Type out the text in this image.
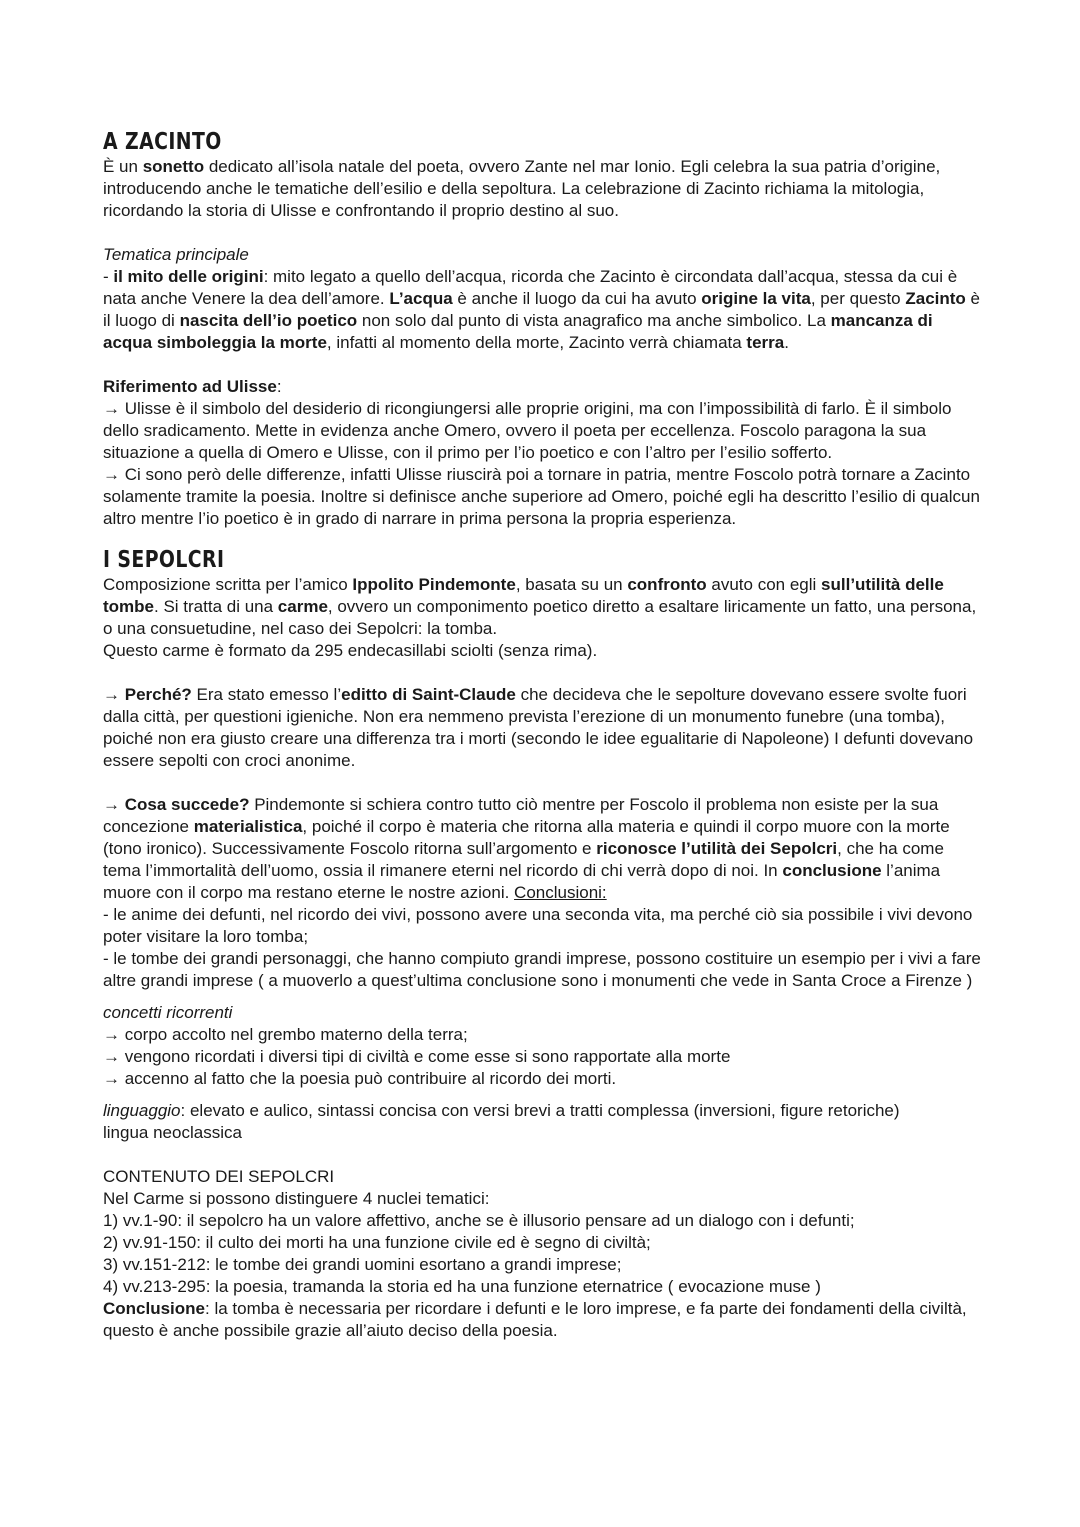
A ZACINTO

È un sonetto dedicato all’isola natale del poeta, ovvero Zante nel mar Ionio. Egli celebra la sua patria d’origine, introducendo anche le tematiche dell’esilio e della sepoltura. La celebrazione di Zacinto richiama la mitologia, ricordando la storia di Ulisse e confrontando il proprio destino al suo.

Tematica principale

- il mito delle origini: mito legato a quello dell’acqua, ricorda che Zacinto è circondata dall’acqua, stessa da cui è nata anche Venere la dea dell’amore. L’acqua è anche il luogo da cui ha avuto origine la vita, per questo Zacinto è il luogo di nascita dell’io poetico non solo dal punto di vista anagrafico ma anche simbolico. La mancanza di acqua simboleggia la morte, infatti al momento della morte, Zacinto verrà chiamata terra.

Riferimento ad Ulisse:

→ Ulisse è il simbolo del desiderio di ricongiungersi alle proprie origini, ma con l’impossibilità di farlo. È il simbolo dello sradicamento. Mette in evidenza anche Omero, ovvero il poeta per eccellenza. Foscolo paragona la sua situazione a quella di Omero e Ulisse, con il primo per l’io poetico e con l’altro per l’esilio sofferto.

→ Ci sono però delle differenze, infatti Ulisse riuscirà poi a tornare in patria, mentre Foscolo potrà tornare a Zacinto solamente tramite la poesia. Inoltre si definisce anche superiore ad Omero, poiché egli ha descritto l’esilio di qualcun altro mentre l’io poetico è in grado di narrare in prima persona la propria esperienza.

I SEPOLCRI

Composizione scritta per l’amico Ippolito Pindemonte, basata su un confronto avuto con egli sull’utilità delle tombe. Si tratta di una carme, ovvero un componimento poetico diretto a esaltare liricamente un fatto, una persona, o una consuetudine, nel caso dei Sepolcri: la tomba.

Questo carme è formato da 295 endecasillabi sciolti (senza rima).

→ Perché? Era stato emesso l’editto di Saint-Claude che decideva che le sepolture dovevano essere svolte fuori dalla città, per questioni igieniche. Non era nemmeno prevista l’erezione di un monumento funebre (una tomba), poiché non era giusto creare una differenza tra i morti (secondo le idee egualitarie di Napoleone) I defunti dovevano essere sepolti con croci anonime.

→ Cosa succede? Pindemonte si schiera contro tutto ciò mentre per Foscolo il problema non esiste per la sua concezione materialistica, poiché il corpo è materia che ritorna alla materia e quindi il corpo muore con la morte (tono ironico). Successivamente Foscolo ritorna sull’argomento e riconosce l’utilità dei Sepolcri, che ha come tema l’immortalità dell’uomo, ossia il rimanere eterni nel ricordo di chi verrà dopo di noi. In conclusione l’anima muore con il corpo ma restano eterne le nostre azioni. Conclusioni:

- le anime dei defunti, nel ricordo dei vivi, possono avere una seconda vita, ma perché ciò sia possibile i vivi devono poter visitare la loro tomba;

- le tombe dei grandi personaggi, che hanno compiuto grandi imprese, possono costituire un esempio per i vivi a fare altre grandi imprese ( a muoverlo a quest’ultima conclusione sono i monumenti che vede in Santa Croce a Firenze )

concetti ricorrenti

→ corpo accolto nel grembo materno della terra;

→ vengono ricordati i diversi tipi di civiltà e come esse si sono rapportate alla morte

→ accenno al fatto che la poesia può contribuire al ricordo dei morti.

linguaggio: elevato e aulico, sintassi concisa con versi brevi a tratti complessa (inversioni, figure retoriche)

lingua neoclassica

CONTENUTO DEI SEPOLCRI

Nel Carme si possono distinguere 4 nuclei tematici:

1) vv.1-90: il sepolcro ha un valore affettivo, anche se è illusorio pensare ad un dialogo con i defunti;

2) vv.91-150: il culto dei morti ha una funzione civile ed è segno di civiltà;

3) vv.151-212: le tombe dei grandi uomini esortano a grandi imprese;

4) vv.213-295: la poesia, tramanda la storia ed ha una funzione eternatrice ( evocazione muse )

Conclusione: la tomba è necessaria per ricordare i defunti e le loro imprese, e fa parte dei fondamenti della civiltà, questo è anche possibile grazie all’aiuto deciso della poesia.
